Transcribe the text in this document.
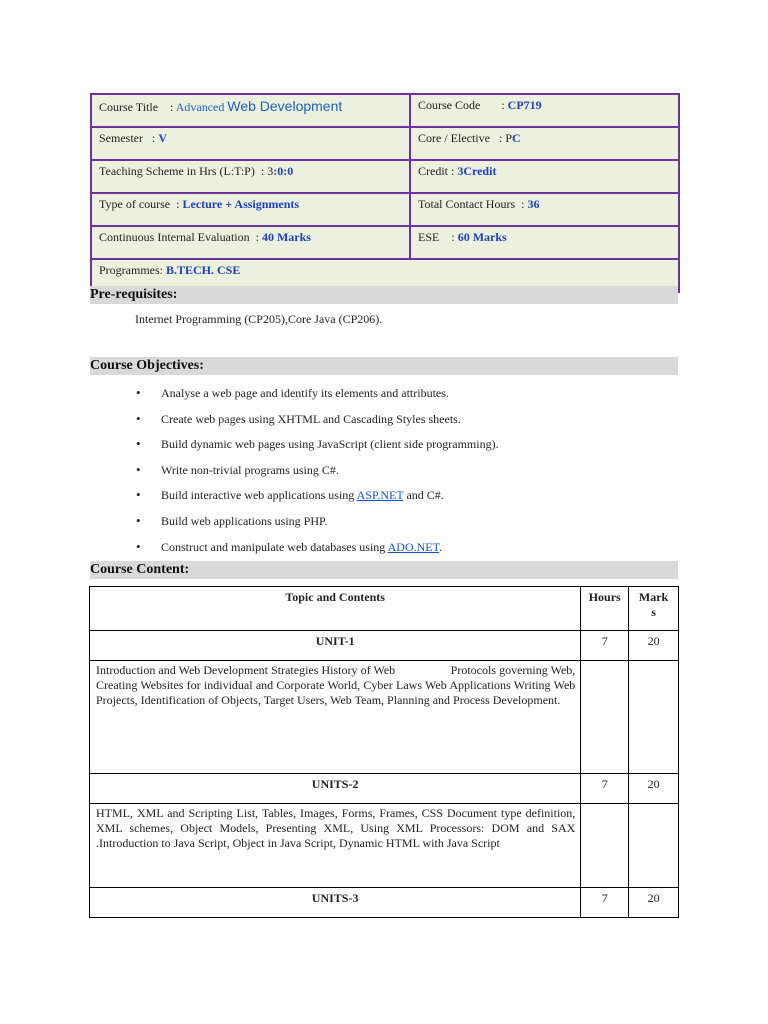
Course Title : Advanced Web Development	Course Code : CP719
Semester : V	Core / Elective : PC
Teaching Scheme in Hrs (L:T:P) : 3:0:0	Credit : 3Credit
Type of course : Lecture + Assignments	Total Contact Hours : 36
Continuous Internal Evaluation : 40 Marks	ESE : 60 Marks
Programmes: B.TECH. CSE	
Pre-requisites:
Internet Programming (CP205),Core Java (CP206).
Course Objectives:
• Analyse a web page and identify its elements and attributes.
• Create web pages using XHTML and Cascading Styles sheets.
• Build dynamic web pages using JavaScript (client side programming).
• Write non-trivial programs using C#.
• Build interactive web applications using ASP.NET and C#.
• Build web applications using PHP.
• Construct and manipulate web databases using ADO.NET.
Course Content:
Topic and Contents	Hours	Mark
s
UNIT-1	7	20
Introduction and Web Development Strategies History of Web Protocols governing Web, Creating Websites for individual and Corporate World, Cyber Laws Web Applications Writing Web Projects, Identification of Objects, Target Users, Web Team, Planning and Process Development.		
UNITS-2	7	20
HTML, XML and Scripting List, Tables, Images, Forms, Frames, CSS Document type definition, XML schemes, Object Models, Presenting XML, Using XML Processors: DOM and SAX .Introduction to Java Script, Object in Java Script, Dynamic HTML with Java Script		
UNITS-3	7	20
